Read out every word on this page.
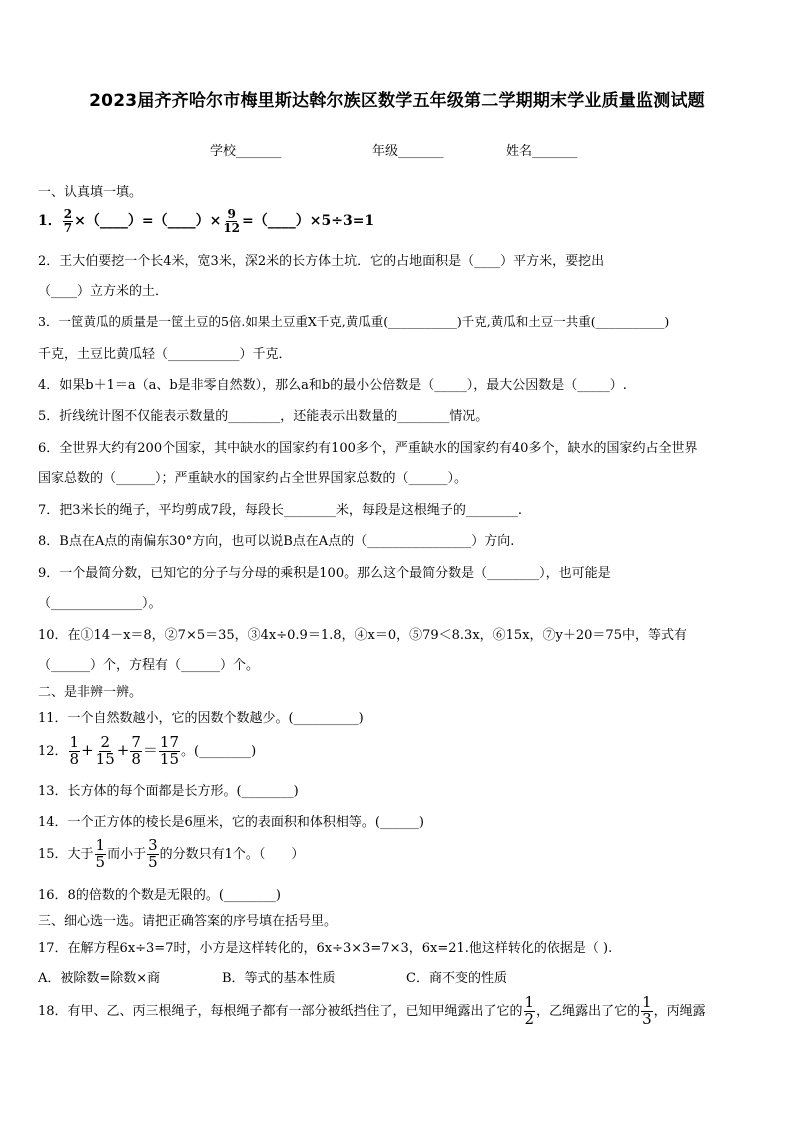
2023届齐齐哈尔市梅里斯达斡尔族区数学五年级第二学期期末学业质量监测试题
学校_______	年级_______	姓名_______
一、认真填一填。
1． $\frac{2}{7}$ ×（____）=（____）× $\frac{9}{12}$ =（____）×5÷3=1
2．王大伯要挖一个长4米，宽3米，深2米的长方体土坑．它的占地面积是（____）平方米，要挖出
（____）立方米的土．
3．一筐黄瓜的质量是一筐土豆的5倍.如果土豆重X千克,黄瓜重(___________)千克,黄瓜和土豆一共重(___________)
千克，土豆比黄瓜轻（___________）千克．
4．如果b＋1＝a（a、b是非零自然数），那么a和b的最小公倍数是（_____），最大公因数是（_____）.
5．折线统计图不仅能表示数量的________，还能表示出数量的________情况。
6．全世界大约有200个国家，其中缺水的国家约有100多个，严重缺水的国家约有40多个，缺水的国家约占全世界
国家总数的（______）；严重缺水的国家约占全世界国家总数的（______）。
7．把3米长的绳子，平均剪成7段，每段长________米，每段是这根绳子的________.
8．B点在A点的南偏东30°方向，也可以说B点在A点的（________________）方向.
9．一个最简分数，已知它的分子与分母的乘积是100。那么这个最简分数是（________），也可能是
（______________）。
10．在①14－x＝8，②7×5＝35，③4x÷0.9＝1.8，④x＝0，⑤79＜8.3x，⑥15x，⑦y＋20＝75中，等式有
（______）个，方程有（______）个。
二、是非辨一辨。
11．一个自然数越小，它的因数个数越少。(__________)
12． $\frac{1}{8} + \frac{2}{15} + \frac{7}{8} = \frac{17}{15}$ 。(________)
13．长方体的每个面都是长方形。(________)
14．一个正方体的棱长是6厘米，它的表面积和体积相等。(______)
15．大于 $\frac{1}{5}$ 而小于 $\frac{3}{5}$ 的分数只有1个。（　　）
16．8的倍数的个数是无限的。(________)
三、细心选一选。请把正确答案的序号填在括号里。
17．在解方程6x÷3=7时，小方是这样转化的，6x÷3×3=7×3，6x=21.他这样转化的依据是（ ).
A．被除数=除数×商	B．等式的基本性质	C．商不变的性质
18．有甲、乙、丙三根绳子，每根绳子都有一部分被纸挡住了，已知甲绳露出了它的 $\frac{1}{2}$ ，乙绳露出了它的 $\frac{1}{3}$ ，丙绳露
